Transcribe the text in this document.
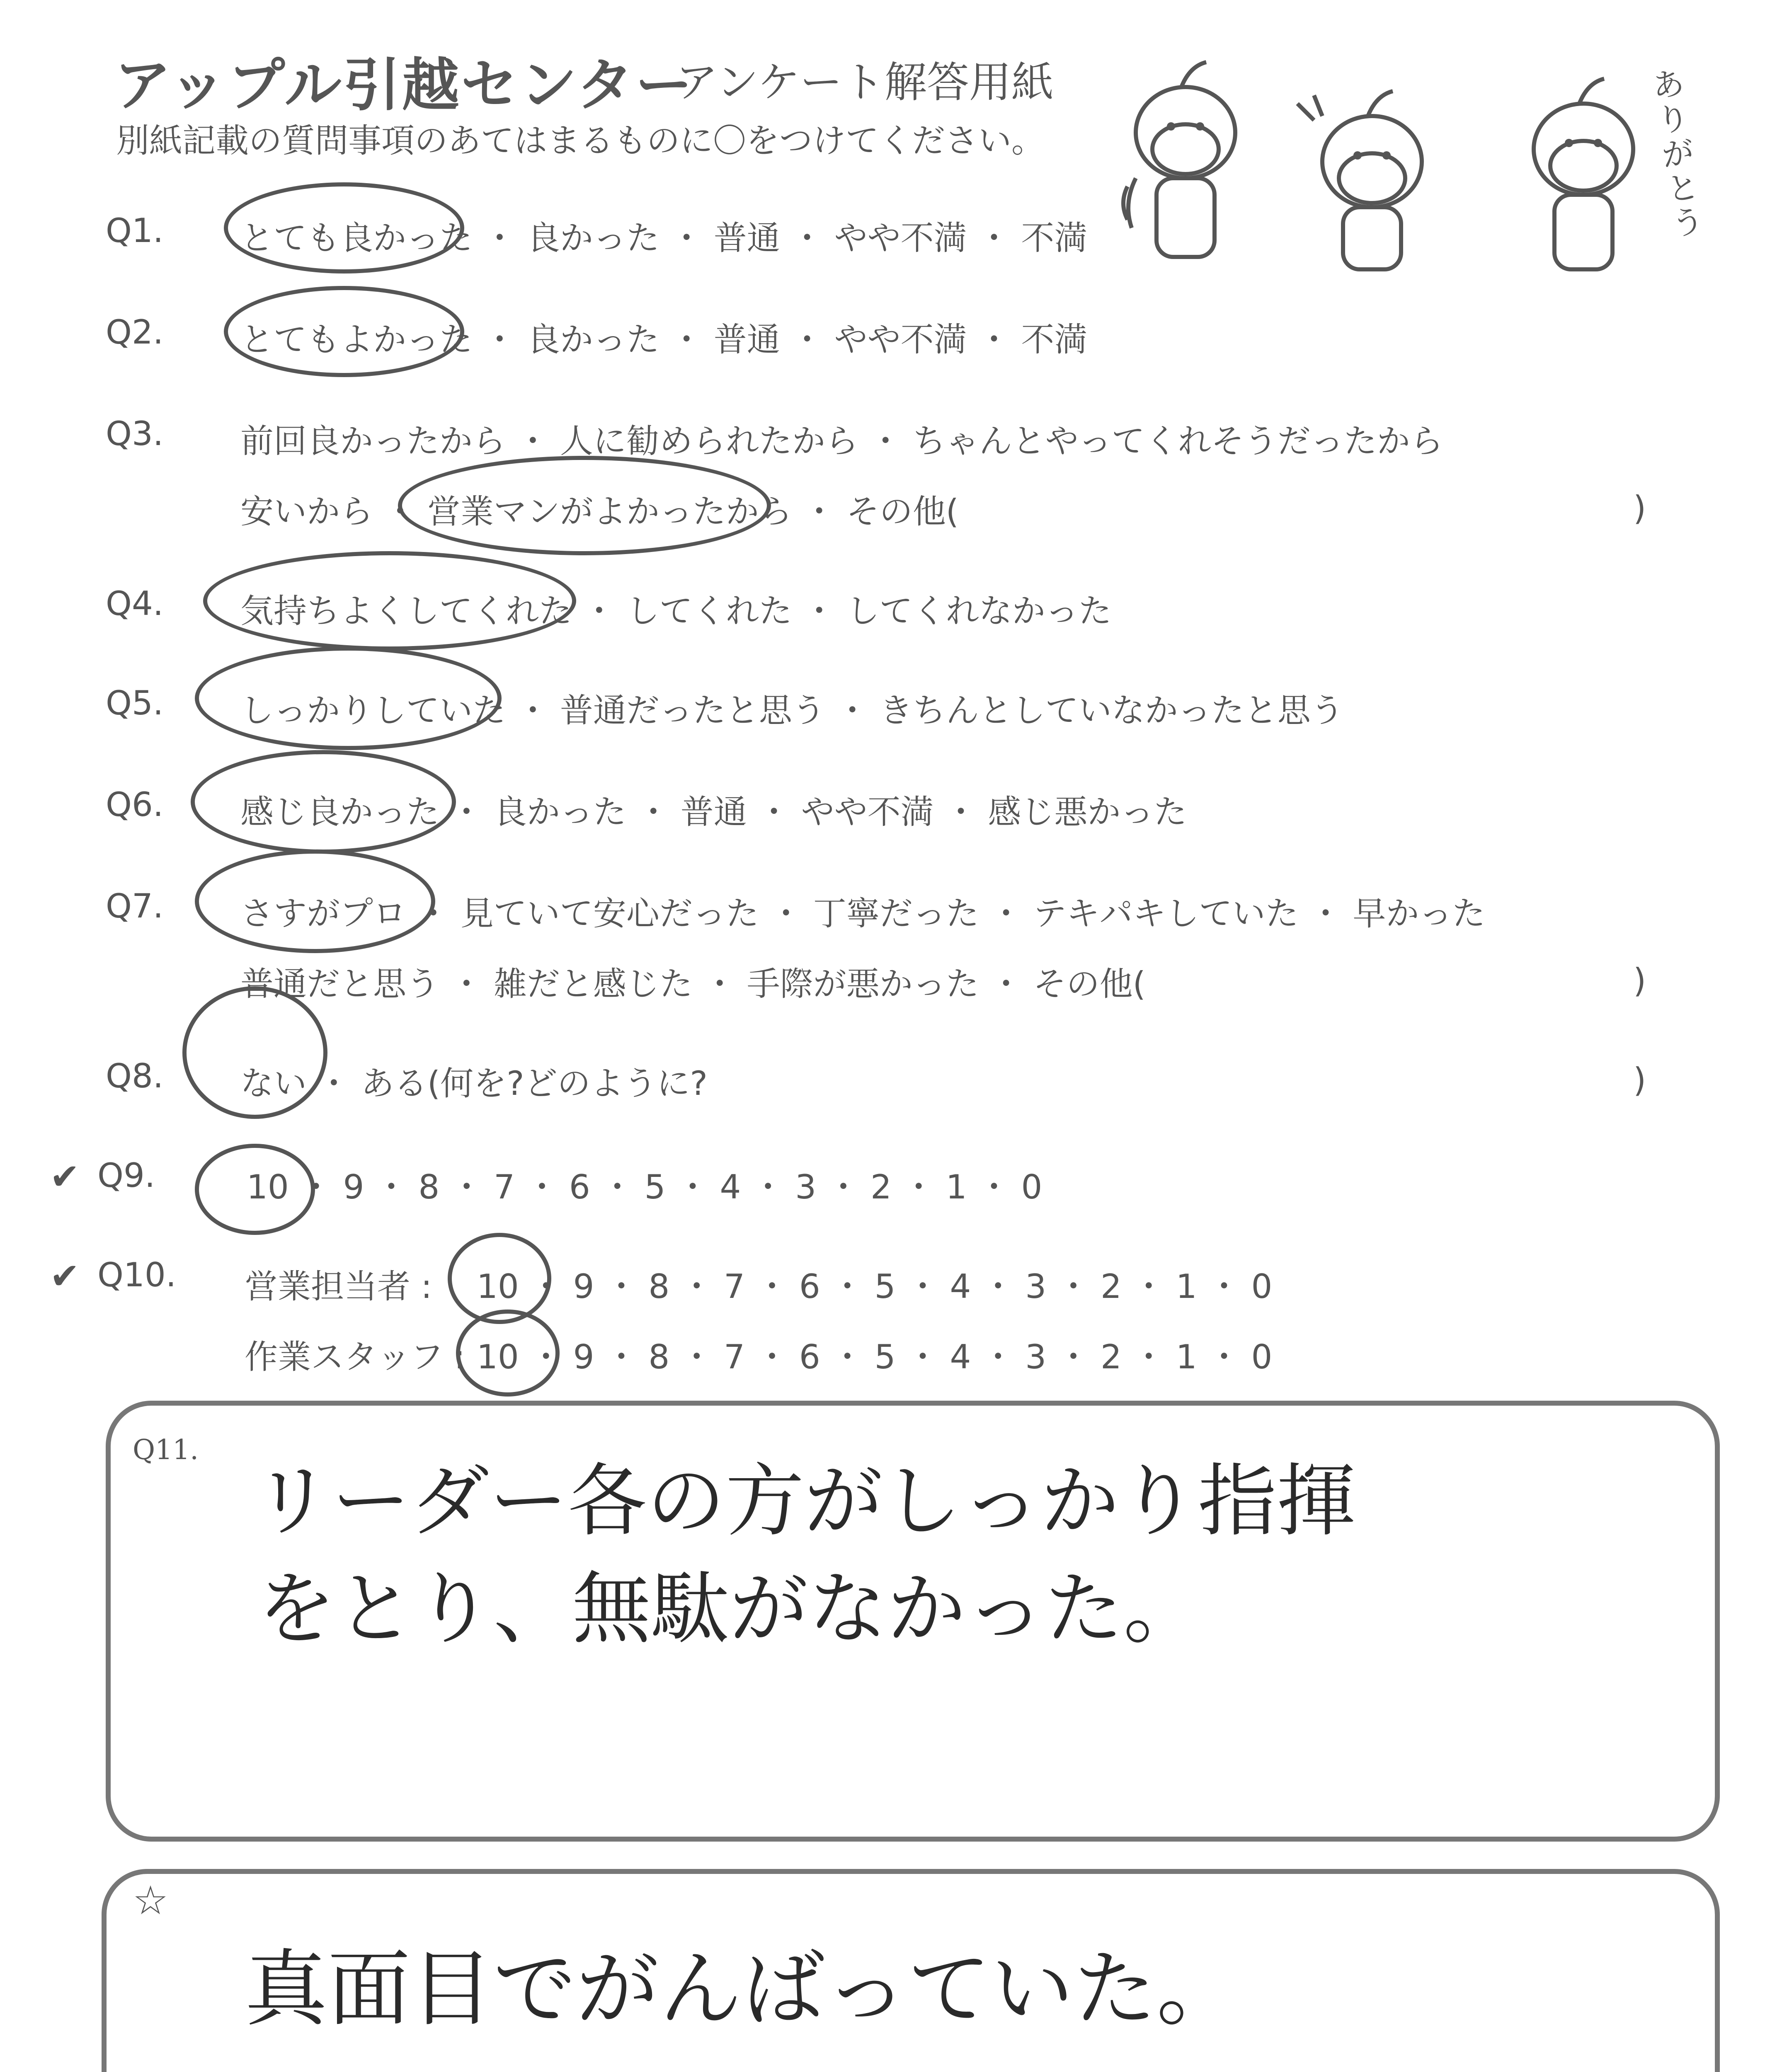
アップル引越センター
アンケート解答用紙
別紙記載の質問事項のあてはまるものに〇をつけてください。
ありがとう
Q1. とても良かった ・ 良かった ・ 普通 ・ やや不満 ・ 不満
Q2. とてもよかった ・ 良かった ・ 普通 ・ やや不満 ・ 不満
Q3. 前回良かったから ・ 人に勧められたから ・ ちゃんとやってくれそうだったから
安いから ・ 営業マンがよかったから ・ その他(	)
Q4. 気持ちよくしてくれた ・ してくれた ・ してくれなかった
Q5. しっかりしていた ・ 普通だったと思う ・ きちんとしていなかったと思う
Q6. 感じ良かった ・ 良かった ・ 普通 ・ やや不満 ・ 感じ悪かった
Q7. さすがプロ ・ 見ていて安心だった ・ 丁寧だった ・ テキパキしていた ・ 早かった
普通だと思う ・ 雑だと感じた ・ 手際が悪かった ・ その他(	)
Q8. ない ・ ある(何を?どのように?	)
✔ Q9.	10 ・ 9 ・ 8 ・ 7 ・ 6 ・ 5 ・ 4 ・ 3 ・ 2 ・ 1 ・ 0
✔ Q10. 営業担当者 : 10 ・ 9 ・ 8 ・ 7 ・ 6 ・ 5 ・ 4 ・ 3 ・ 2 ・ 1 ・ 0
作業スタッフ : 10 ・ 9 ・ 8 ・ 7 ・ 6 ・ 5 ・ 4 ・ 3 ・ 2 ・ 1 ・ 0
Q11.
リーダー各の方がしっかり指揮
をとり、無駄がなかった。
☆
真面目でがんばっていた。
